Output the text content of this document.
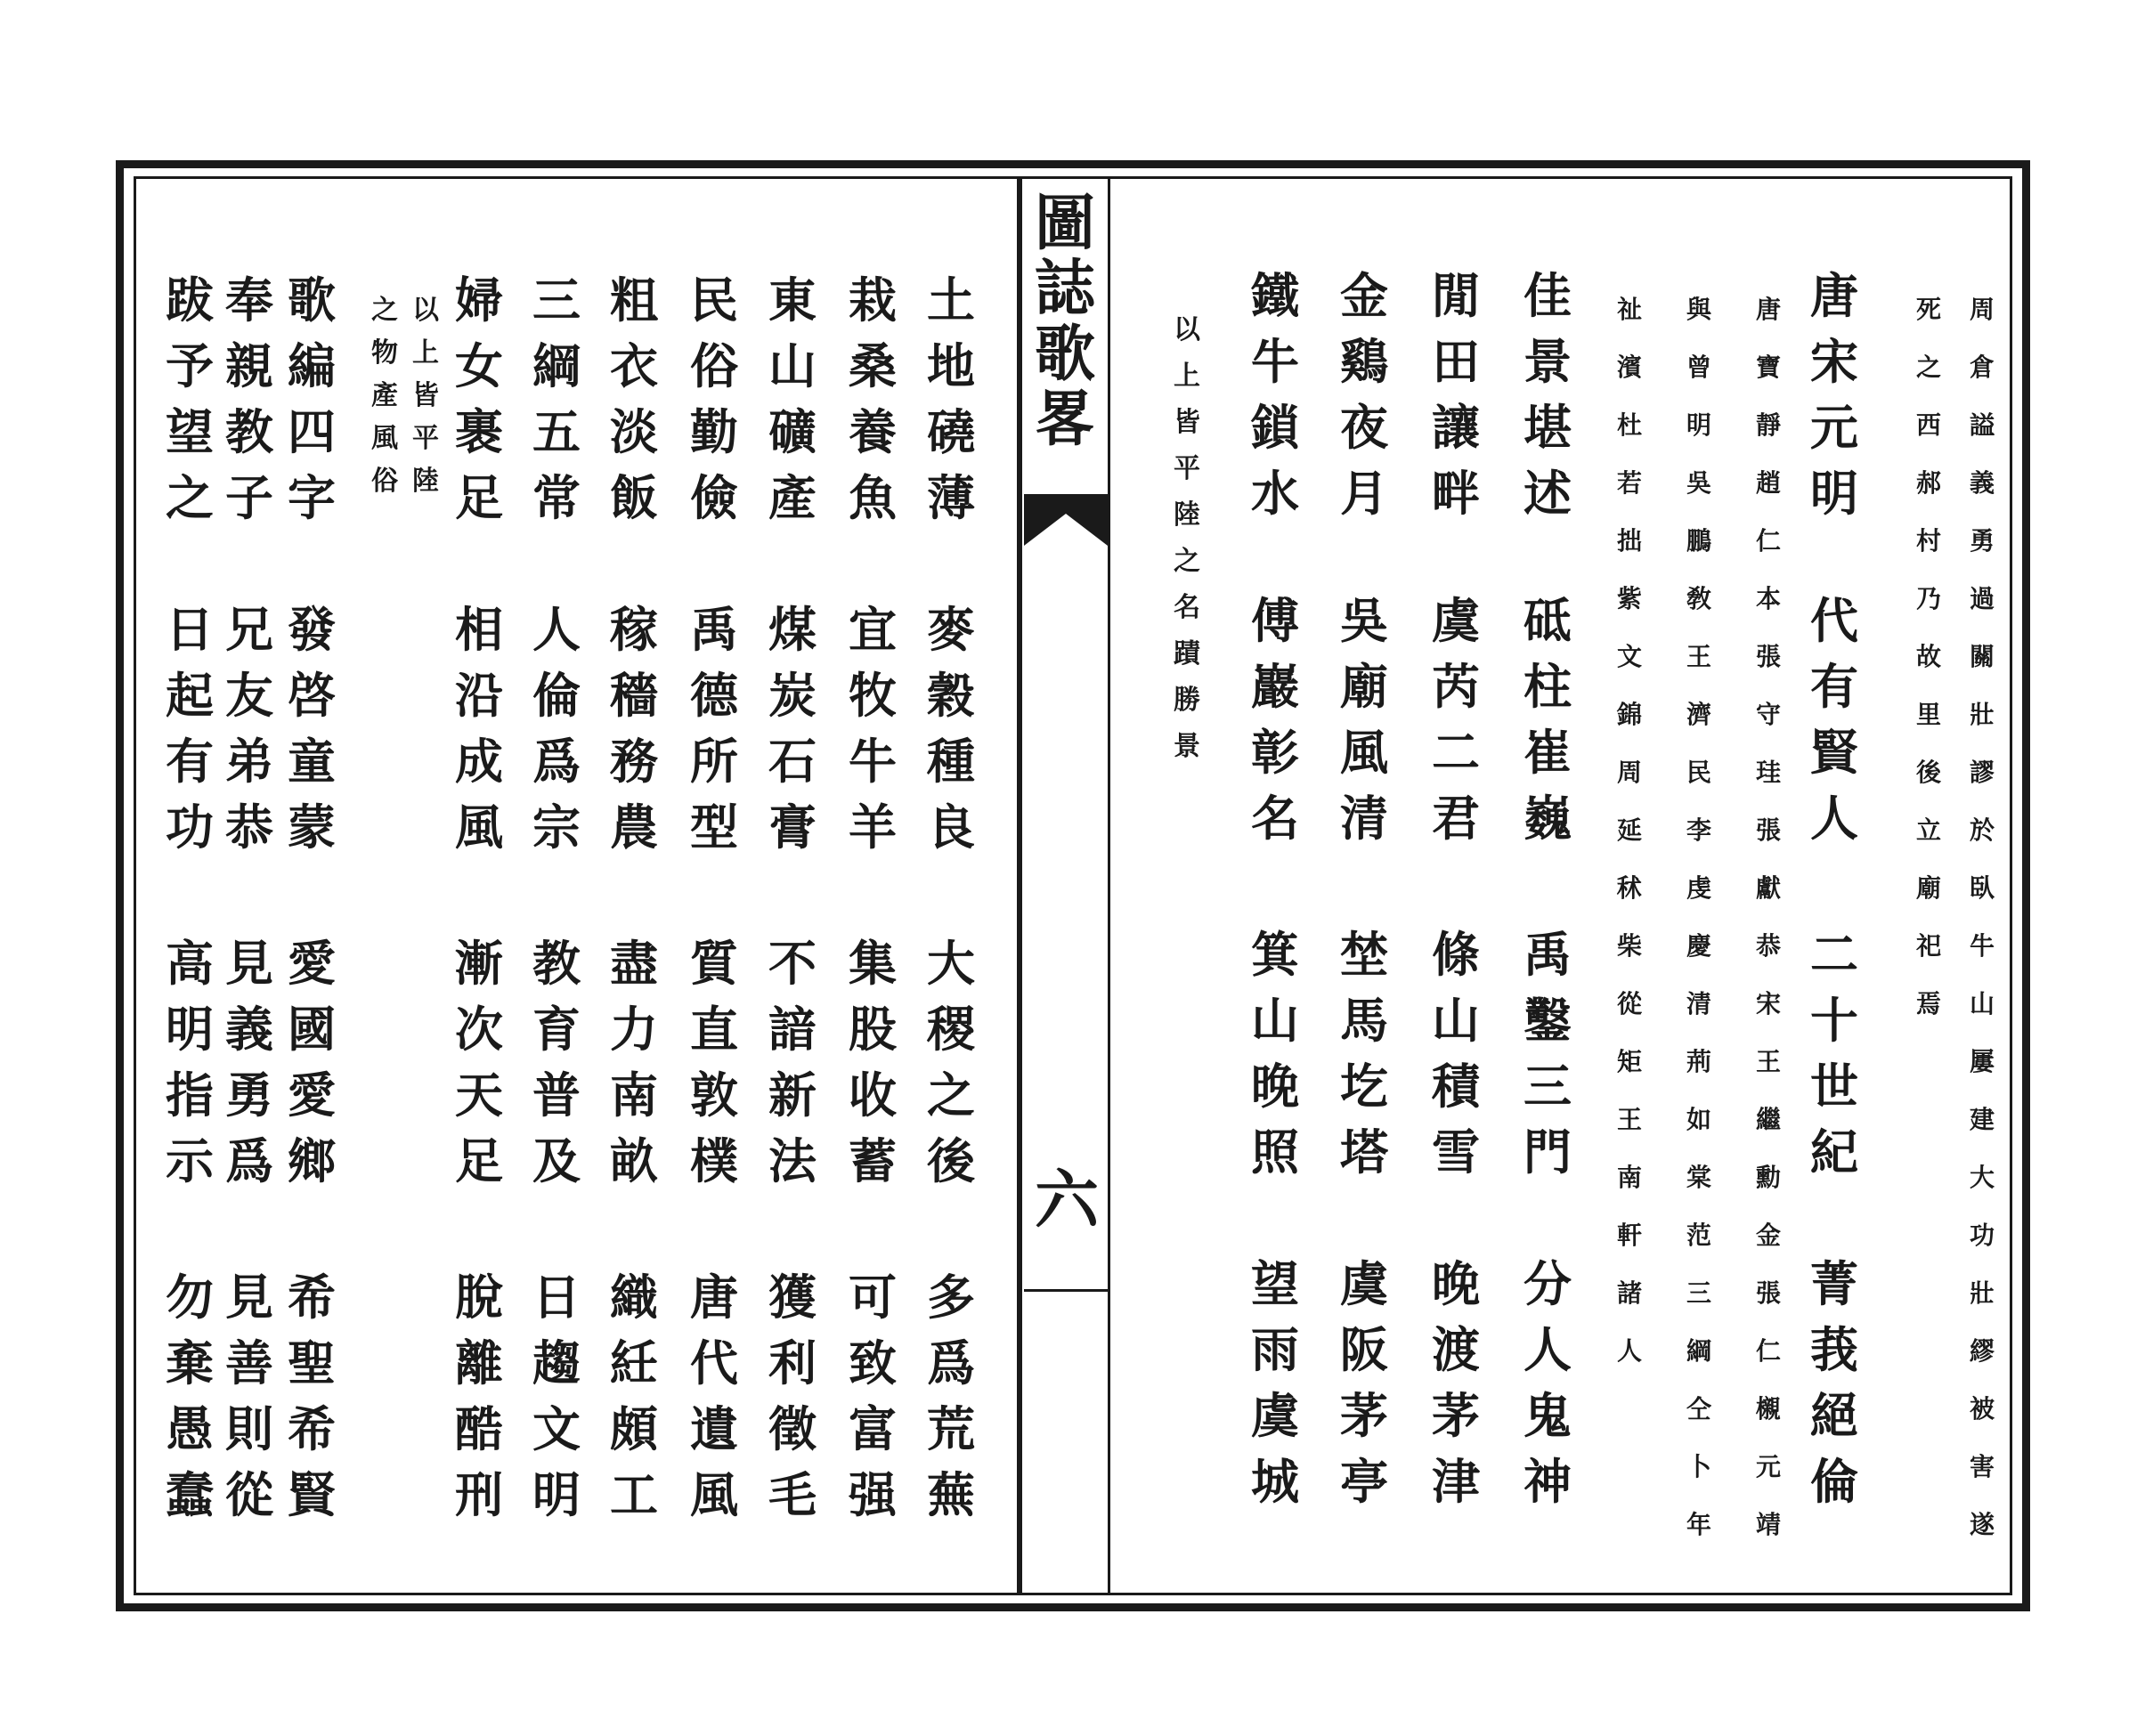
圖
誌
歌
畧
六
土
地
磽
薄
麥
穀
種
良
大
稷
之
後
多
爲
荒
蕪
栽
桑
養
魚
宜
牧
牛
羊
集
股
收
蓄
可
致
富
强
東
山
礦
產
煤
炭
石
膏
不
諳
新
法
獲
利
徵
毛
民
俗
勤
儉
禹
德
所
型
質
直
敦
樸
唐
代
遺
風
粗
衣
淡
飯
稼
穡
務
農
盡
力
南
畝
織
紝
頗
工
三
綱
五
常
人
倫
爲
宗
教
育
普
及
日
趨
文
明
婦
女
裹
足
相
沿
成
風
漸
次
天
足
脫
離
酷
刑
以
上
皆
平
陸
之
物
產
風
俗
歌
編
四
字
發
啓
童
蒙
愛
國
愛
鄉
希
聖
希
賢
奉
親
教
子
兄
友
弟
恭
見
義
勇
爲
見
善
則
從
跋
予
望
之
日
起
有
功
高
明
指
示
勿
棄
愚
蠢
周
倉
謚
義
勇
過
關
壯
謬
於
臥
牛
山
屢
建
大
功
壯
繆
被
害
遂
死
之
西
郝
村
乃
故
里
後
立
廟
祀
焉
唐
宋
元
明
代
有
賢
人
二
十
世
紀
菁
莪
絕
倫
唐
寶
靜
趙
仁
本
張
守
珪
張
獻
恭
宋
王
繼
勳
金
張
仁
櫬
元
靖
與
曾
明
吳
鵬
敎
王
濟
民
李
虔
慶
清
荊
如
棠
范
三
綱
仝
卜
年
祉
濱
杜
若
拙
紫
文
錦
周
延
秫
柴
從
矩
王
南
軒
諸
人
佳
景
堪
述
砥
柱
崔
巍
禹
鑿
三
門
分
人
鬼
神
閒
田
讓
畔
虞
芮
二
君
條
山
積
雪
晚
渡
茅
津
金
鷄
夜
月
吳
廟
風
清
埜
馬
圪
塔
虞
阪
茅
亭
鐵
牛
鎖
水
傅
巖
彰
名
箕
山
晚
照
望
雨
虞
城
以
上
皆
平
陸
之
名
蹟
勝
景
